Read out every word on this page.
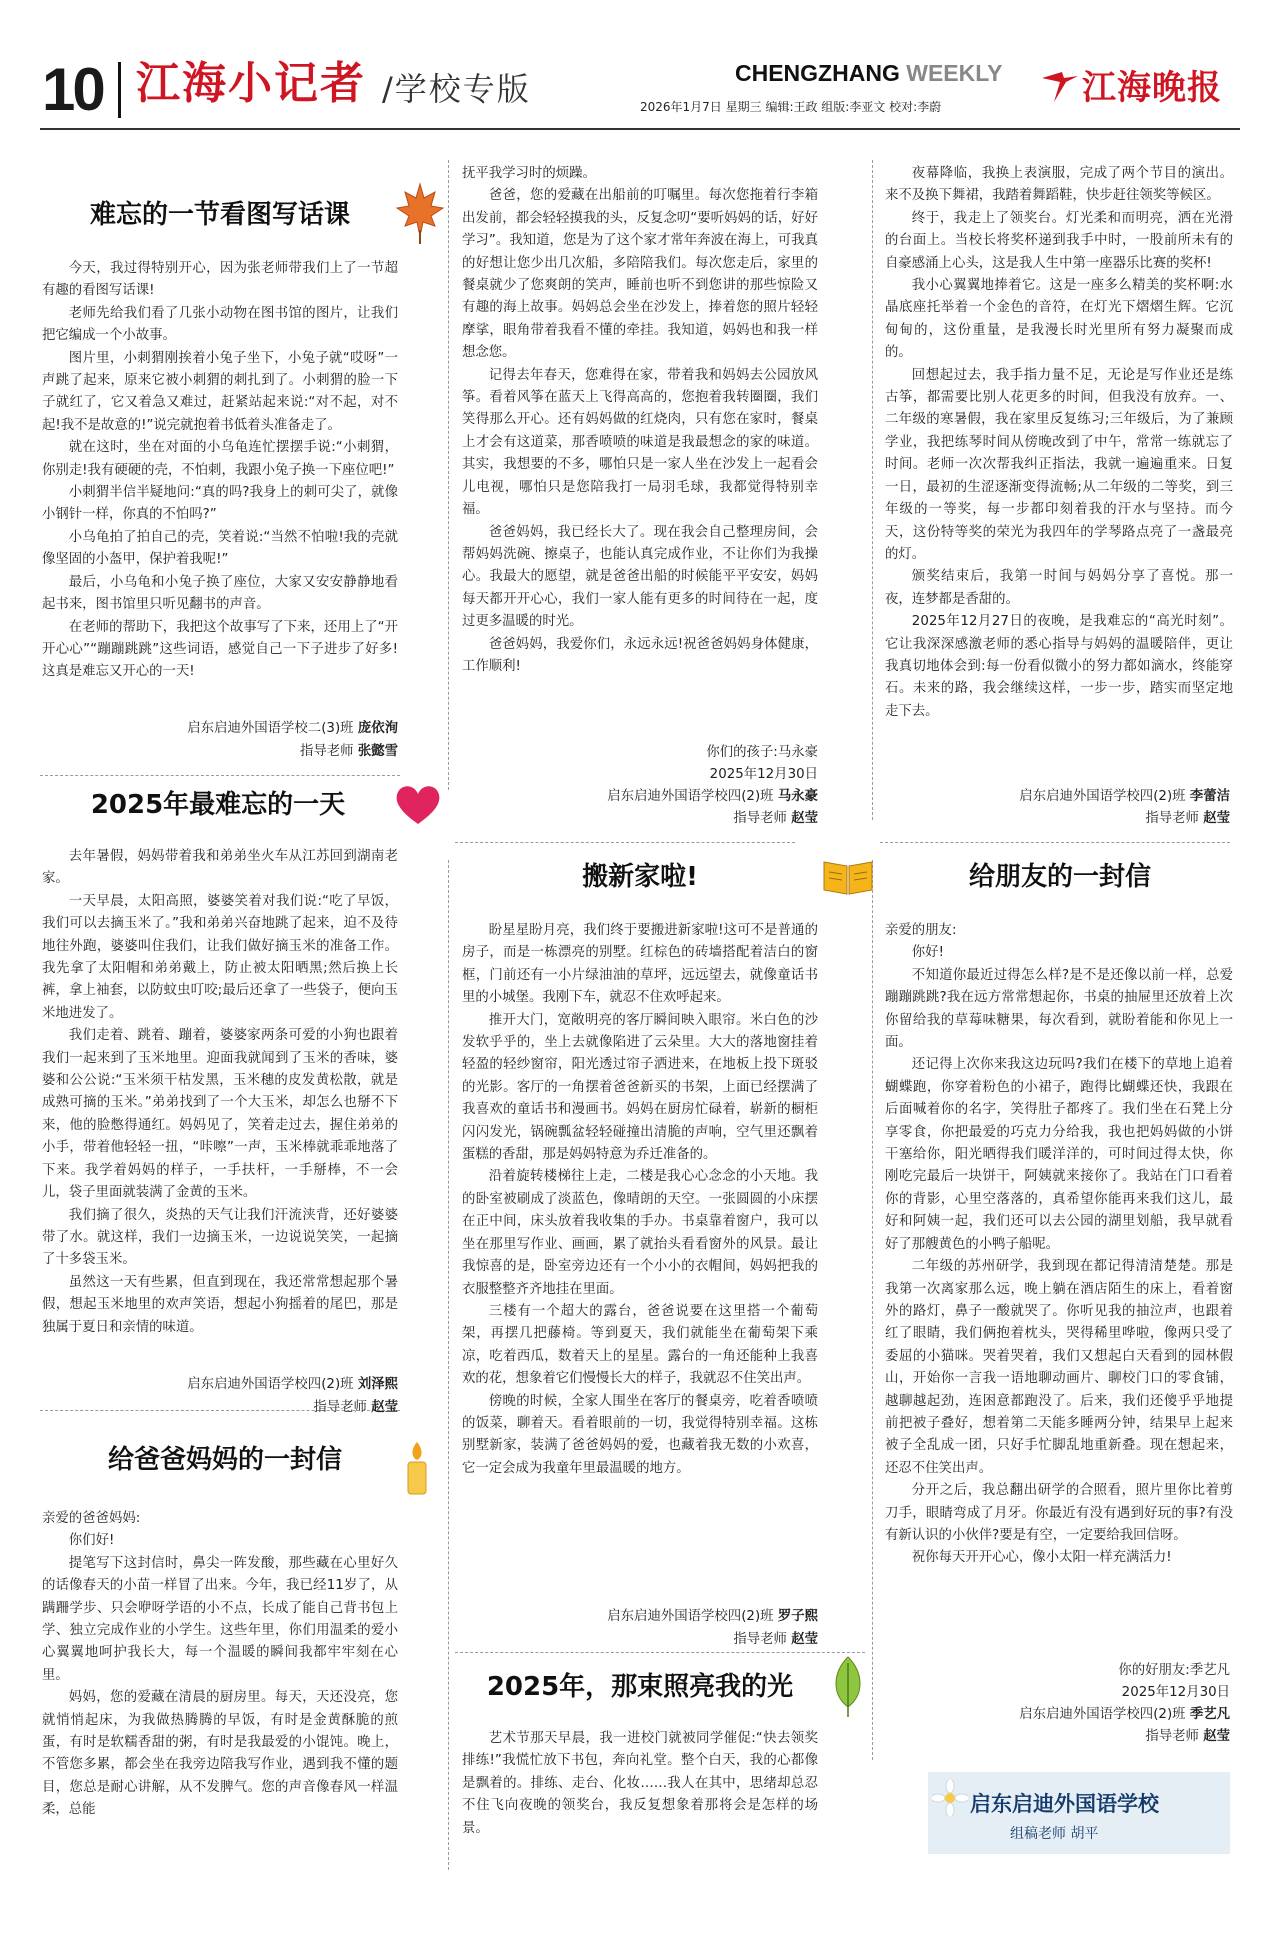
10 江海小记者 /学校专版	CHENGZHANG WEEKLY
2026年1月7日 星期三 编辑:王政 组版:李亚文 校对:李蔚	江海晚报
难忘的一节看图写话课

今天，我过得特别开心，因为张老师带我们上了一节超有趣的看图写话课!

老师先给我们看了几张小动物在图书馆的图片，让我们把它编成一个小故事。

图片里，小刺猬刚挨着小兔子坐下，小兔子就“哎呀”一声跳了起来，原来它被小刺猬的刺扎到了。小刺猬的脸一下子就红了，它又着急又难过，赶紧站起来说:“对不起，对不起!我不是故意的!”说完就抱着书低着头准备走了。

就在这时，坐在对面的小乌龟连忙摆摆手说:“小刺猬，你别走!我有硬硬的壳，不怕刺，我跟小兔子换一下座位吧!”

小刺猬半信半疑地问:“真的吗?我身上的刺可尖了，就像小钢针一样，你真的不怕吗?”

小乌龟拍了拍自己的壳，笑着说:“当然不怕啦!我的壳就像坚固的小盔甲，保护着我呢!”

最后，小乌龟和小兔子换了座位，大家又安安静静地看起书来，图书馆里只听见翻书的声音。

在老师的帮助下，我把这个故事写了下来，还用上了“开开心心”“蹦蹦跳跳”这些词语，感觉自己一下子进步了好多!这真是难忘又开心的一天!

启东启迪外国语学校二(3)班 庞依洵
指导老师 张懿雪
2025年最难忘的一天

去年暑假，妈妈带着我和弟弟坐火车从江苏回到湖南老家。

一天早晨，太阳高照，婆婆笑着对我们说:“吃了早饭，我们可以去摘玉米了。”我和弟弟兴奋地跳了起来，迫不及待地往外跑，婆婆叫住我们，让我们做好摘玉米的准备工作。我先拿了太阳帽和弟弟戴上，防止被太阳晒黑;然后换上长裤，拿上袖套，以防蚊虫叮咬;最后还拿了一些袋子，便向玉米地进发了。

我们走着、跳着、蹦着，婆婆家两条可爱的小狗也跟着我们一起来到了玉米地里。迎面我就闻到了玉米的香味，婆婆和公公说:“玉米须干枯发黑，玉米穗的皮发黄松散，就是成熟可摘的玉米。”弟弟找到了一个大玉米，却怎么也掰不下来，他的脸憋得通红。妈妈见了，笑着走过去，握住弟弟的小手，带着他轻轻一扭，“咔嚓”一声，玉米棒就乖乖地落了下来。我学着妈妈的样子，一手扶杆，一手掰棒，不一会儿，袋子里面就装满了金黄的玉米。

我们摘了很久，炎热的天气让我们汗流浃背，还好婆婆带了水。就这样，我们一边摘玉米，一边说说笑笑，一起摘了十多袋玉米。

虽然这一天有些累，但直到现在，我还常常想起那个暑假，想起玉米地里的欢声笑语，想起小狗摇着的尾巴，那是独属于夏日和亲情的味道。

启东启迪外国语学校四(2)班 刘泽熙
指导老师 赵莹
给爸爸妈妈的一封信

亲爱的爸爸妈妈:

你们好!

提笔写下这封信时，鼻尖一阵发酸，那些藏在心里好久的话像春天的小苗一样冒了出来。今年，我已经11岁了，从蹒跚学步、只会咿呀学语的小不点，长成了能自己背书包上学、独立完成作业的小学生。这些年里，你们用温柔的爱小心翼翼地呵护我长大，每一个温暖的瞬间我都牢牢刻在心里。

妈妈，您的爱藏在清晨的厨房里。每天，天还没亮，您就悄悄起床，为我做热腾腾的早饭，有时是金黄酥脆的煎蛋，有时是软糯香甜的粥，有时是我最爱的小馄饨。晚上，不管您多累，都会坐在我旁边陪我写作业，遇到我不懂的题目，您总是耐心讲解，从不发脾气。您的声音像春风一样温柔，总能

抚平我学习时的烦躁。

爸爸，您的爱藏在出船前的叮嘱里。每次您拖着行李箱出发前，都会轻轻摸我的头，反复念叨“要听妈妈的话，好好学习”。我知道，您是为了这个家才常年奔波在海上，可我真的好想让您少出几次船，多陪陪我们。每次您走后，家里的餐桌就少了您爽朗的笑声，睡前也听不到您讲的那些惊险又有趣的海上故事。妈妈总会坐在沙发上，捧着您的照片轻轻摩挲，眼角带着我看不懂的牵挂。我知道，妈妈也和我一样想念您。

记得去年春天，您难得在家，带着我和妈妈去公园放风筝。看着风筝在蓝天上飞得高高的，您抱着我转圈圈，我们笑得那么开心。还有妈妈做的红烧肉，只有您在家时，餐桌上才会有这道菜，那香喷喷的味道是我最想念的家的味道。其实，我想要的不多，哪怕只是一家人坐在沙发上一起看会儿电视，哪怕只是您陪我打一局羽毛球，我都觉得特别幸福。

爸爸妈妈，我已经长大了。现在我会自己整理房间，会帮妈妈洗碗、擦桌子，也能认真完成作业，不让你们为我操心。我最大的愿望，就是爸爸出船的时候能平平安安，妈妈每天都开开心心，我们一家人能有更多的时间待在一起，度过更多温暖的时光。

爸爸妈妈，我爱你们，永远永远!祝爸爸妈妈身体健康，工作顺利!

你们的孩子:马永豪
2025年12月30日
启东启迪外国语学校四(2)班 马永豪
指导老师 赵莹
搬新家啦!

盼星星盼月亮，我们终于要搬进新家啦!这可不是普通的房子，而是一栋漂亮的别墅。红棕色的砖墙搭配着洁白的窗框，门前还有一小片绿油油的草坪，远远望去，就像童话书里的小城堡。我刚下车，就忍不住欢呼起来。

推开大门，宽敞明亮的客厅瞬间映入眼帘。米白色的沙发软乎乎的，坐上去就像陷进了云朵里。大大的落地窗挂着轻盈的轻纱窗帘，阳光透过帘子洒进来，在地板上投下斑驳的光影。客厅的一角摆着爸爸新买的书架，上面已经摆满了我喜欢的童话书和漫画书。妈妈在厨房忙碌着，崭新的橱柜闪闪发光，锅碗瓢盆轻轻碰撞出清脆的声响，空气里还飘着蛋糕的香甜，那是妈妈特意为乔迁准备的。

沿着旋转楼梯往上走，二楼是我心心念念的小天地。我的卧室被刷成了淡蓝色，像晴朗的天空。一张圆圆的小床摆在正中间，床头放着我收集的手办。书桌靠着窗户，我可以坐在那里写作业、画画，累了就抬头看看窗外的风景。最让我惊喜的是，卧室旁边还有一个小小的衣帽间，妈妈把我的衣服整整齐齐地挂在里面。

三楼有一个超大的露台，爸爸说要在这里搭一个葡萄架，再摆几把藤椅。等到夏天，我们就能坐在葡萄架下乘凉，吃着西瓜，数着天上的星星。露台的一角还能种上我喜欢的花，想象着它们慢慢长大的样子，我就忍不住笑出声。

傍晚的时候，全家人围坐在客厅的餐桌旁，吃着香喷喷的饭菜，聊着天。看着眼前的一切，我觉得特别幸福。这栋别墅新家，装满了爸爸妈妈的爱，也藏着我无数的小欢喜，它一定会成为我童年里最温暖的地方。

启东启迪外国语学校四(2)班 罗子熙
指导老师 赵莹
2025年，那束照亮我的光

艺术节那天早晨，我一进校门就被同学催促:“快去领奖排练!”我慌忙放下书包，奔向礼堂。整个白天，我的心都像是飘着的。排练、走台、化妆……我人在其中，思绪却总忍不住飞向夜晚的领奖台，我反复想象着那将会是怎样的场景。

夜幕降临，我换上表演服，完成了两个节目的演出。来不及换下舞裙，我踏着舞蹈鞋，快步赶往领奖等候区。

终于，我走上了领奖台。灯光柔和而明亮，洒在光滑的台面上。当校长将奖杯递到我手中时，一股前所未有的自豪感涌上心头，这是我人生中第一座器乐比赛的奖杯!

我小心翼翼地捧着它。这是一座多么精美的奖杯啊:水晶底座托举着一个金色的音符，在灯光下熠熠生辉。它沉甸甸的，这份重量，是我漫长时光里所有努力凝聚而成的。

回想起过去，我手指力量不足，无论是写作业还是练古筝，都需要比别人花更多的时间，但我没有放弃。一、二年级的寒暑假，我在家里反复练习;三年级后，为了兼顾学业，我把练琴时间从傍晚改到了中午，常常一练就忘了时间。老师一次次帮我纠正指法，我就一遍遍重来。日复一日，最初的生涩逐渐变得流畅;从二年级的二等奖，到三年级的一等奖，每一步都印刻着我的汗水与坚持。而今天，这份特等奖的荣光为我四年的学琴路点亮了一盏最亮的灯。

颁奖结束后，我第一时间与妈妈分享了喜悦。那一夜，连梦都是香甜的。

2025年12月27日的夜晚，是我难忘的“高光时刻”。它让我深深感激老师的悉心指导与妈妈的温暖陪伴，更让我真切地体会到:每一份看似微小的努力都如滴水，终能穿石。未来的路，我会继续这样，一步一步，踏实而坚定地走下去。

启东启迪外国语学校四(2)班 李蕾洁
指导老师 赵莹
给朋友的一封信

亲爱的朋友:

你好!

不知道你最近过得怎么样?是不是还像以前一样，总爱蹦蹦跳跳?我在远方常常想起你，书桌的抽屉里还放着上次你留给我的草莓味糖果，每次看到，就盼着能和你见上一面。

还记得上次你来我这边玩吗?我们在楼下的草地上追着蝴蝶跑，你穿着粉色的小裙子，跑得比蝴蝶还快，我跟在后面喊着你的名字，笑得肚子都疼了。我们坐在石凳上分享零食，你把最爱的巧克力分给我，我也把妈妈做的小饼干塞给你，阳光晒得我们暖洋洋的，可时间过得太快，你刚吃完最后一块饼干，阿姨就来接你了。我站在门口看着你的背影，心里空落落的，真希望你能再来我们这儿，最好和阿姨一起，我们还可以去公园的湖里划船，我早就看好了那艘黄色的小鸭子船呢。

二年级的苏州研学，我到现在都记得清清楚楚。那是我第一次离家那么远，晚上躺在酒店陌生的床上，看着窗外的路灯，鼻子一酸就哭了。你听见我的抽泣声，也跟着红了眼睛，我们俩抱着枕头，哭得稀里哗啦，像两只受了委屈的小猫咪。哭着哭着，我们又想起白天看到的园林假山，开始你一言我一语地聊动画片、聊校门口的零食铺，越聊越起劲，连困意都跑没了。后来，我们还傻乎乎地提前把被子叠好，想着第二天能多睡两分钟，结果早上起来被子全乱成一团，只好手忙脚乱地重新叠。现在想起来，还忍不住笑出声。

分开之后，我总翻出研学的合照看，照片里你比着剪刀手，眼睛弯成了月牙。你最近有没有遇到好玩的事?有没有新认识的小伙伴?要是有空，一定要给我回信呀。

祝你每天开开心心，像小太阳一样充满活力!

你的好朋友:季艺凡
2025年12月30日
启东启迪外国语学校四(2)班 季艺凡
指导老师 赵莹
启东启迪外国语学校
组稿老师 胡平
